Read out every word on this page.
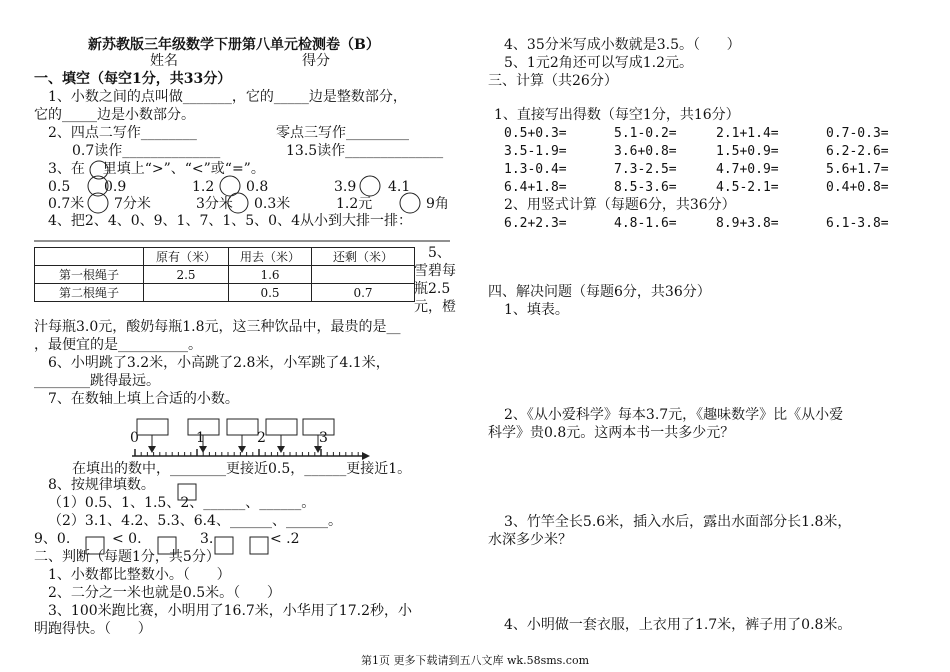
新苏教版三年级数学下册第八单元检测卷（B）
姓名	得分
一、填空（每空1分，共33分）
1、小数之间的点叫做_______，它的_____边是整数部分，
它的_____边是小数部分。
2、四点二写作________	零点三写作_________
0.7读作______________	13.5读作______________
3、在    里填上“>”、“<”或“=”。
0.5 0.9	1.2 0.8	3.9 4.1
0.7米 7分米	3分米 0.3米	1.2元	9角
4、把2、4、0、9、1、7、1、5、0、4从小到大排一排：
	原有（米）	用去（米）	还剩（米）
第一根绳子	2.5	1.6	
第二根绳子		0.5	0.7
5、
雪碧每
瓶2.5
元，橙
汁每瓶3.0元，酸奶每瓶1.8元，这三种饮品中，最贵的是__
，最便宜的是__________。
6、小明跳了3.2米，小高跳了2.8米，小军跳了4.1米，
________跳得最远。
7、在数轴上填上合适的小数。
0	1	2	3
在填出的数中，________更接近0.5，______更接近1。
8、按规律填数。
（1）0.5、1、1.5、2、______、______。
（2）3.1、4.2、5.3、6.4、______、______。
9、0.	< 0.	3.	< .2
二、判断（每题1分，共5分）
1、小数都比整数小。（      ）
2、二分之一米也就是0.5米。（      ）
3、100米跑比赛，小明用了16.7米，小华用了17.2秒，小
明跑得快。（      ）
4、35分米写成小数就是3.5。（      ）
5、1元2角还可以写成1.2元。
三、计算（共26分）
1、直接写出得数（每空1分，共16分）
0.5+0.3=	5.1-0.2=	2.1+1.4=	0.7-0.3=
3.5-1.9=	3.6+0.8=	1.5+0.9=	6.2-2.6=
1.3-0.4=	7.3-2.5=	4.7+0.9=	5.6+1.7=
6.4+1.8=	8.5-3.6=	4.5-2.1=	0.4+0.8=
2、用竖式计算（每题6分，共36分）
6.2+2.3=	4.8-1.6=	8.9+3.8=	6.1-3.8=
四、解决问题（每题6分，共36分）
1、填表。
2、《从小爱科学》每本3.7元，《趣味数学》比《从小爱
科学》贵0.8元。这两本书一共多少元？
3、竹竿全长5.6米，插入水后，露出水面部分长1.8米，
水深多少米？
4、小明做一套衣服，上衣用了1.7米，裤子用了0.8米。
第1页 更多下载请到五八文库 wk.58sms.com
